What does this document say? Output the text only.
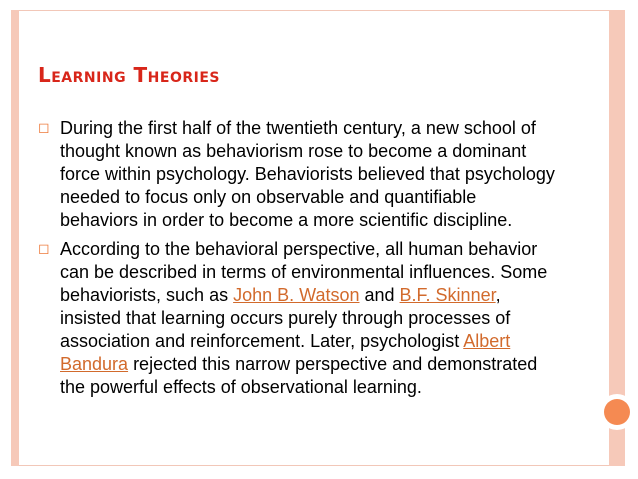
Learning Theories
◻ During the first half of the twentieth century, a new school of thought known as behaviorism rose to become a dominant force within psychology. Behaviorists believed that psychology needed to focus only on observable and quantifiable behaviors in order to become a more scientific discipline.
◻ According to the behavioral perspective, all human behavior can be described in terms of environmental influences. Some behaviorists, such as John B. Watson and B.F. Skinner, insisted that learning occurs purely through processes of association and reinforcement. Later, psychologist Albert Bandura rejected this narrow perspective and demonstrated the powerful effects of observational learning.
